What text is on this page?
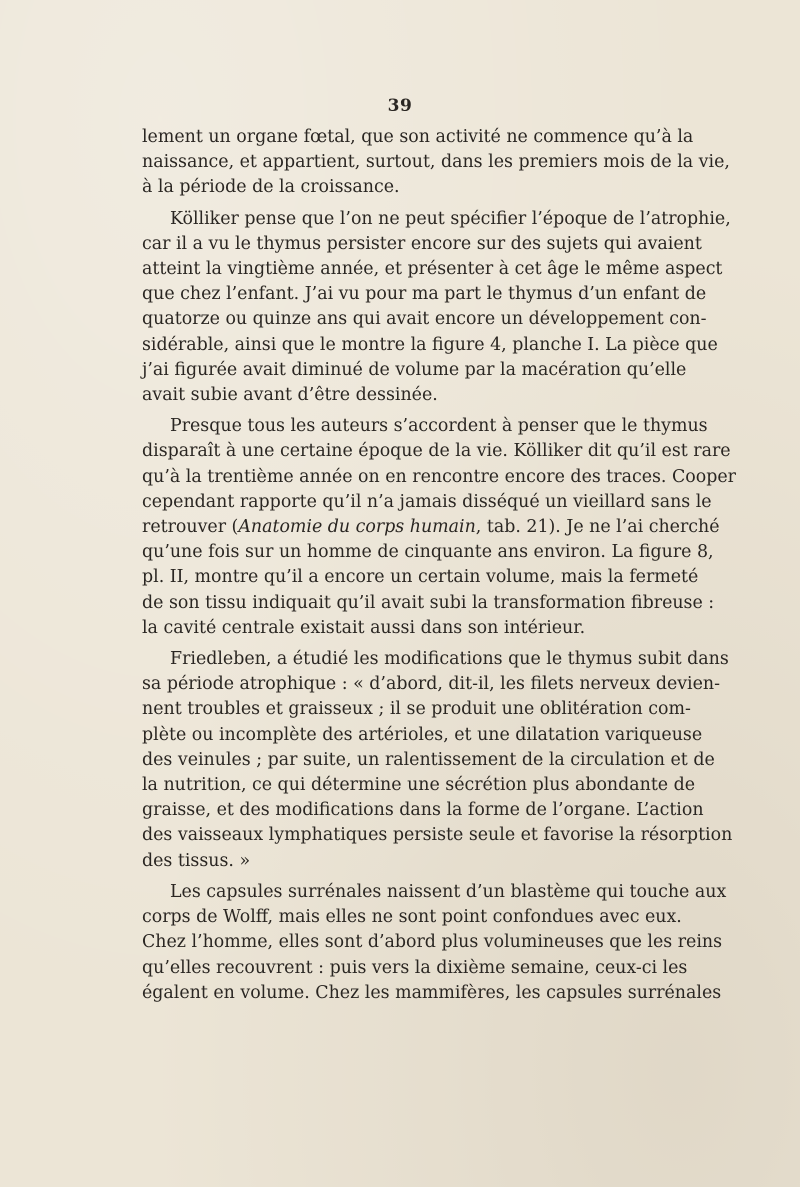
39

lement un organe fœtal, que son activité ne commence qu’à la
naissance, et appartient, surtout, dans les premiers mois de la vie,
à la période de la croissance.

Kölliker pense que l’on ne peut spécifier l’époque de l’atrophie,
car il a vu le thymus persister encore sur des sujets qui avaient
atteint la vingtième année, et présenter à cet âge le même aspect
que chez l’enfant. J’ai vu pour ma part le thymus d’un enfant de
quatorze ou quinze ans qui avait encore un développement con-
sidérable, ainsi que le montre la figure 4, planche I. La pièce que
j’ai figurée avait diminué de volume par la macération qu’elle
avait subie avant d’être dessinée.

Presque tous les auteurs s’accordent à penser que le thymus
disparaît à une certaine époque de la vie. Kölliker dit qu’il est rare
qu’à la trentième année on en rencontre encore des traces. Cooper
cependant rapporte qu’il n’a jamais disséqué un vieillard sans le
retrouver (Anatomie du corps humain, tab. 21). Je ne l’ai cherché
qu’une fois sur un homme de cinquante ans environ. La figure 8,
pl. II, montre qu’il a encore un certain volume, mais la fermeté
de son tissu indiquait qu’il avait subi la transformation fibreuse :
la cavité centrale existait aussi dans son intérieur.

Friedleben, a étudié les modifications que le thymus subit dans
sa période atrophique : « d’abord, dit-il, les filets nerveux devien-
nent troubles et graisseux ; il se produit une oblitération com-
plète ou incomplète des artérioles, et une dilatation variqueuse
des veinules ; par suite, un ralentissement de la circulation et de
la nutrition, ce qui détermine une sécrétion plus abondante de
graisse, et des modifications dans la forme de l’organe. L’action
des vaisseaux lymphatiques persiste seule et favorise la résorption
des tissus. »

Les capsules surrénales naissent d’un blastème qui touche aux
corps de Wolff, mais elles ne sont point confondues avec eux.
Chez l’homme, elles sont d’abord plus volumineuses que les reins
qu’elles recouvrent : puis vers la dixième semaine, ceux-ci les
égalent en volume. Chez les mammifères, les capsules surrénales
